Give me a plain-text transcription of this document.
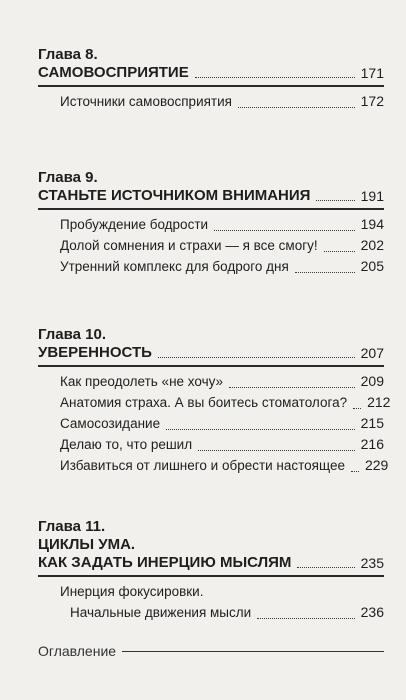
Глава 8.

САМОВОСПРИЯТИЕ	171
Источники самовосприятия	172

Глава 9.

СТАНЬТЕ ИСТОЧНИКОМ ВНИМАНИЯ	191
Пробуждение бодрости	194
Долой сомнения и страхи — я все смогу!	202
Утренний комплекс для бодрого дня	205

Глава 10.

УВЕРЕННОСТЬ	207
Как преодолеть «не хочу»	209
Анатомия страха. А вы боитесь стоматолога? 212
Самосозидание	215
Делаю то, что решил	216
Избавиться от лишнего и обрести настоящее 229

Глава 11.

ЦИКЛЫ УМА.
КАК ЗАДАТЬ ИНЕРЦИЮ МЫСЛЯМ	235
Инерция фокусировки.
Начальные движения мысли	236
Оглавление
